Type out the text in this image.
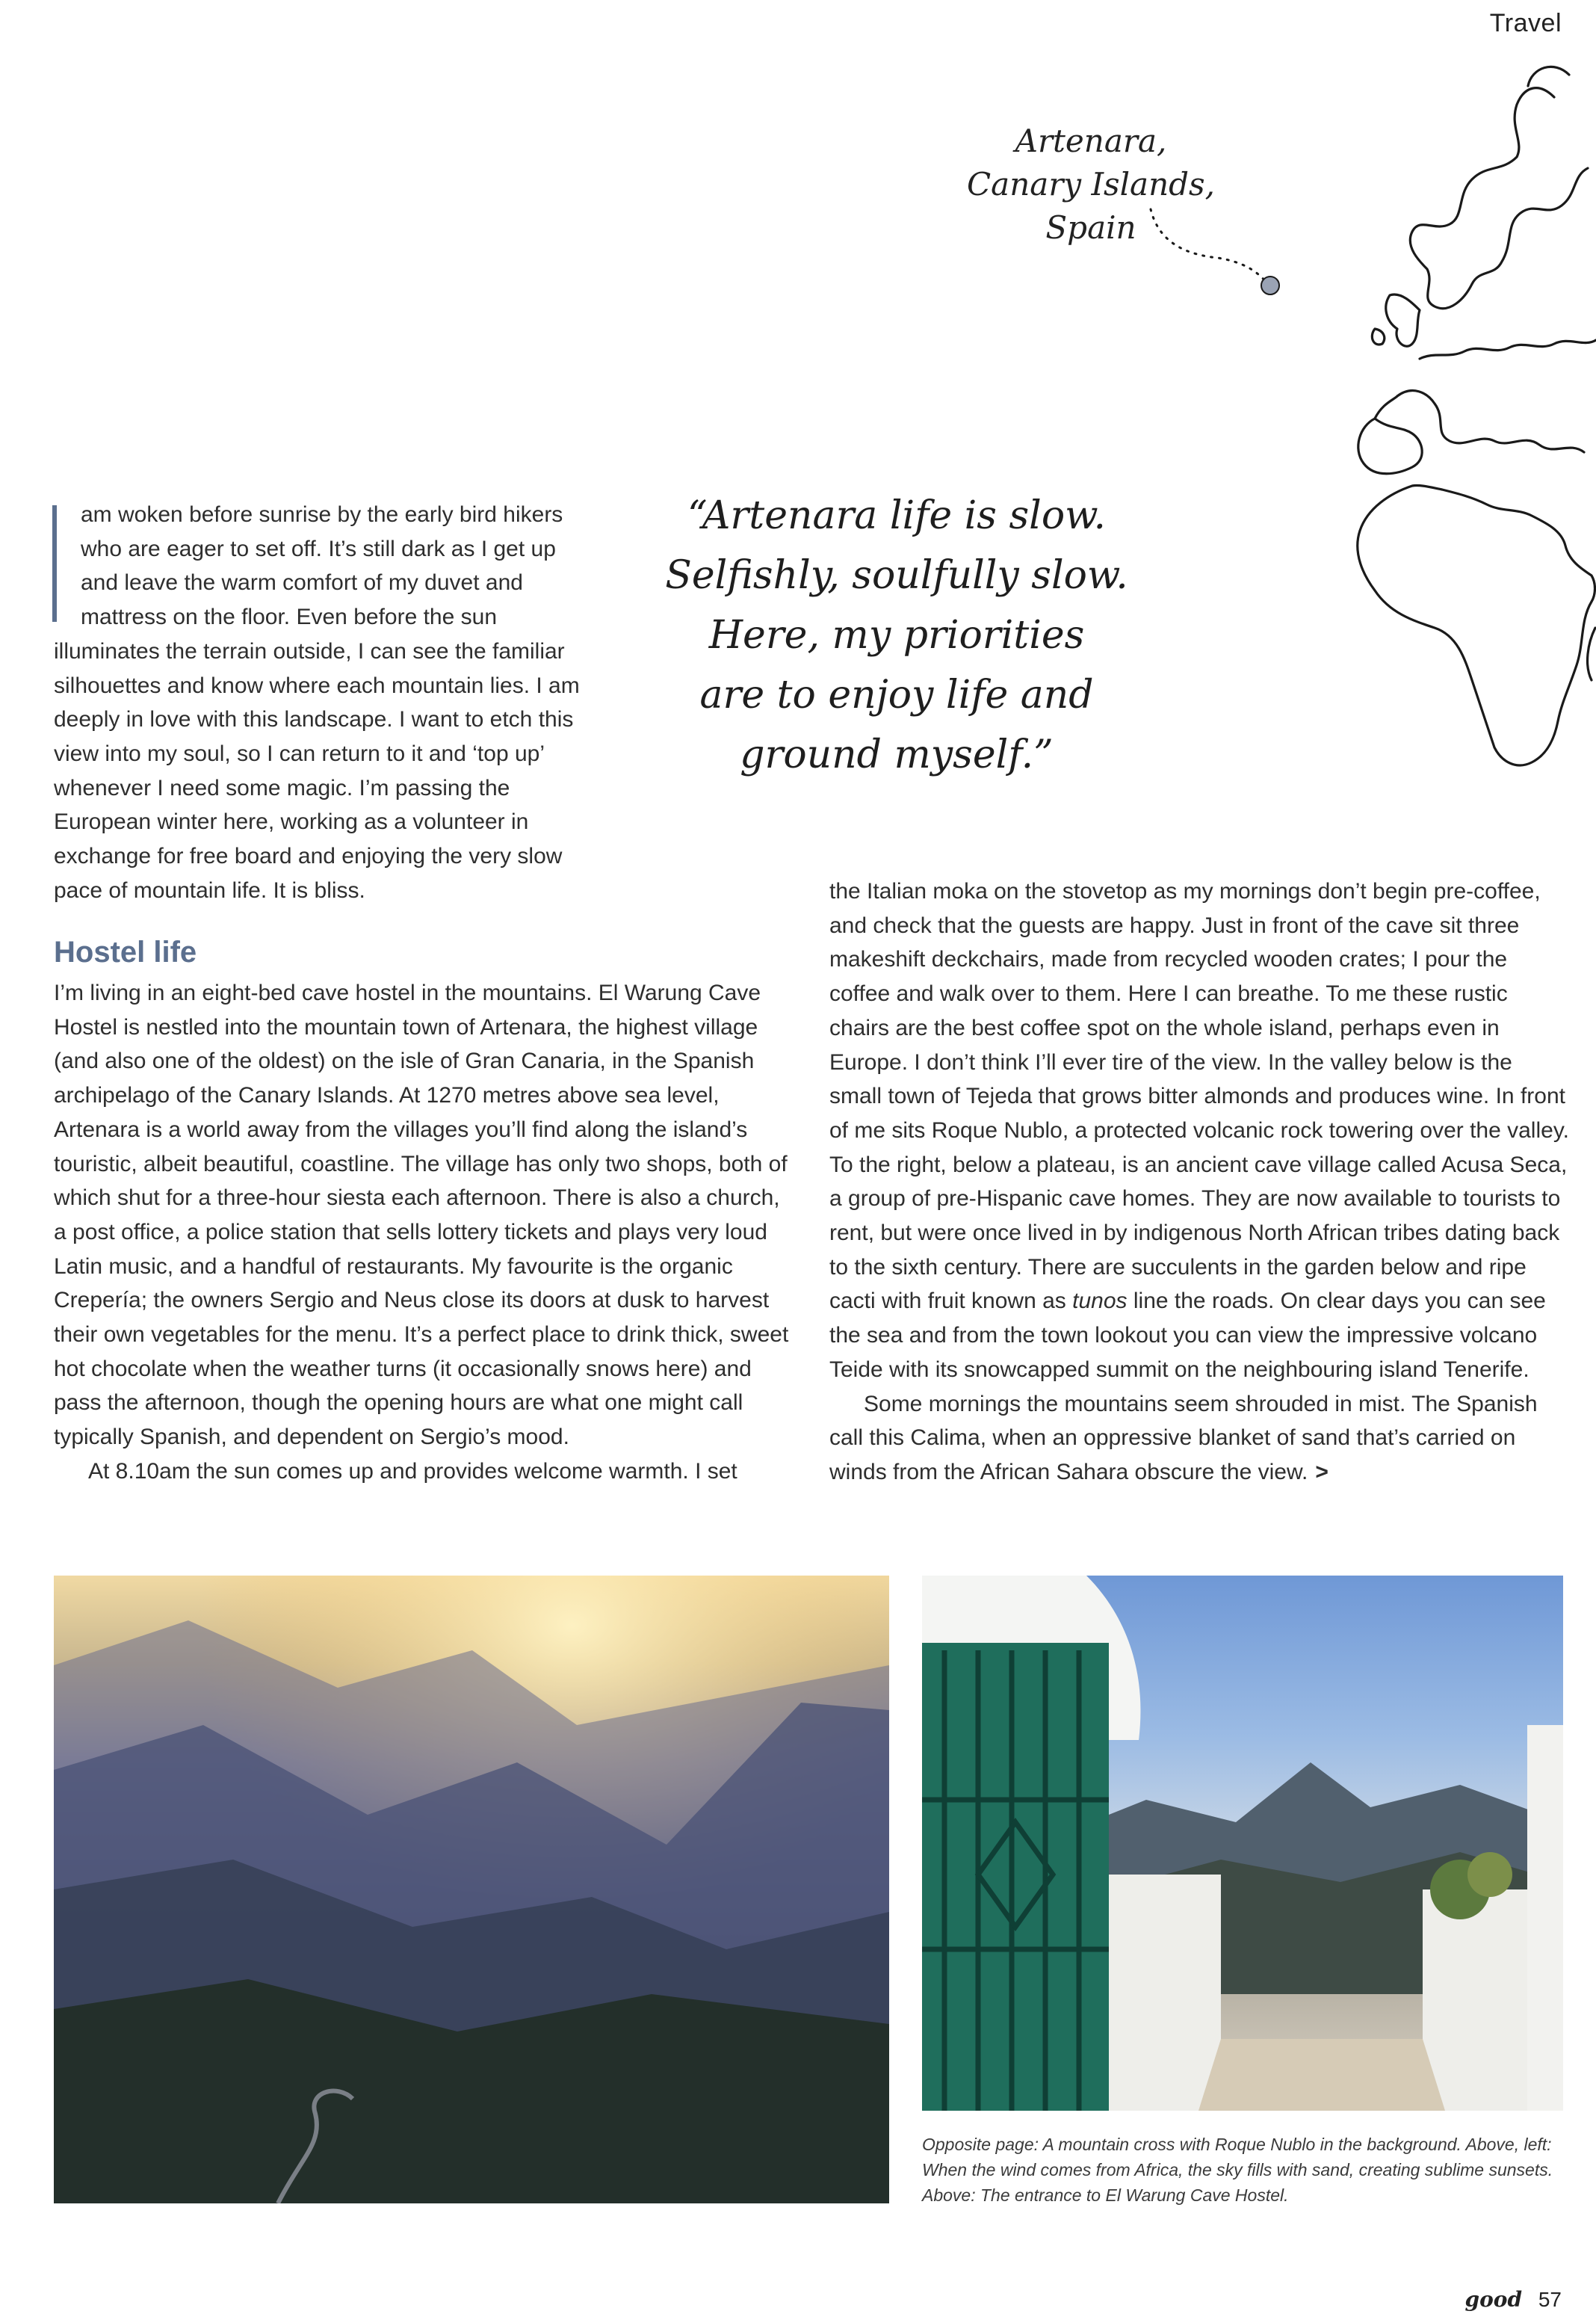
Travel
Artenara,
Canary Islands,
Spain
“Artenara life is slow.
Selfishly, soulfully slow.
Here, my priorities
are to enjoy life and
ground myself.”

am woken before sunrise by the early bird hikers
who are eager to set off. It’s still dark as I get up
and leave the warm comfort of my duvet and
mattress on the floor. Even before the sun illuminates the terrain outside, I can see the familiar silhouettes and know where each mountain lies. I am deeply in love with this landscape. I want to etch this view into my soul, so I can return to it and ‘top up’ whenever I need some magic. I’m passing the European winter here, working as a volunteer in exchange for free board and enjoying the very slow pace of mountain life. It is bliss.

Hostel life

I’m living in an eight-bed cave hostel in the mountains. El Warung Cave Hostel is nestled into the mountain town of Artenara, the highest village (and also one of the oldest) on the isle of Gran Canaria, in the Spanish archipelago of the Canary Islands. At 1270 metres above sea level, Artenara is a world away from the villages you’ll find along the island’s touristic, albeit beautiful, coastline. The village has only two shops, both of which shut for a three-hour siesta each afternoon. There is also a church, a post office, a police station that sells lottery tickets and plays very loud Latin music, and a handful of restaurants. My favourite is the organic Crepería; the owners Sergio and Neus close its doors at dusk to harvest their own vegetables for the menu. It’s a perfect place to drink thick, sweet hot chocolate when the weather turns (it occasionally snows here) and pass the afternoon, though the opening hours are what one might call typically Spanish, and dependent on Sergio’s mood.

At 8.10am the sun comes up and provides welcome warmth. I set

the Italian moka on the stovetop as my mornings don’t begin pre-coffee, and check that the guests are happy. Just in front of the cave sit three makeshift deckchairs, made from recycled wooden crates; I pour the coffee and walk over to them. Here I can breathe. To me these rustic chairs are the best coffee spot on the whole island, perhaps even in Europe. I don’t think I’ll ever tire of the view. In the valley below is the small town of Tejeda that grows bitter almonds and produces wine. In front of me sits Roque Nublo, a protected volcanic rock towering over the valley. To the right, below a plateau, is an ancient cave village called Acusa Seca, a group of pre-Hispanic cave homes. They are now available to tourists to rent, but were once lived in by indigenous North African tribes dating back to the sixth century. There are succulents in the garden below and ripe cacti with fruit known as tunos line the roads. On clear days you can see the sea and from the town lookout you can view the impressive volcano Teide with its snowcapped summit on the neighbouring island Tenerife.

Some mornings the mountains seem shrouded in mist. The Spanish call this Calima, when an oppressive blanket of sand that’s carried on winds from the African Sahara obscure the view. >

Opposite page: A mountain cross with Roque Nublo in the background. Above, left: When the wind comes from Africa, the sky fills with sand, creating sublime sunsets. Above: The entrance to El Warung Cave Hostel.

good 57
